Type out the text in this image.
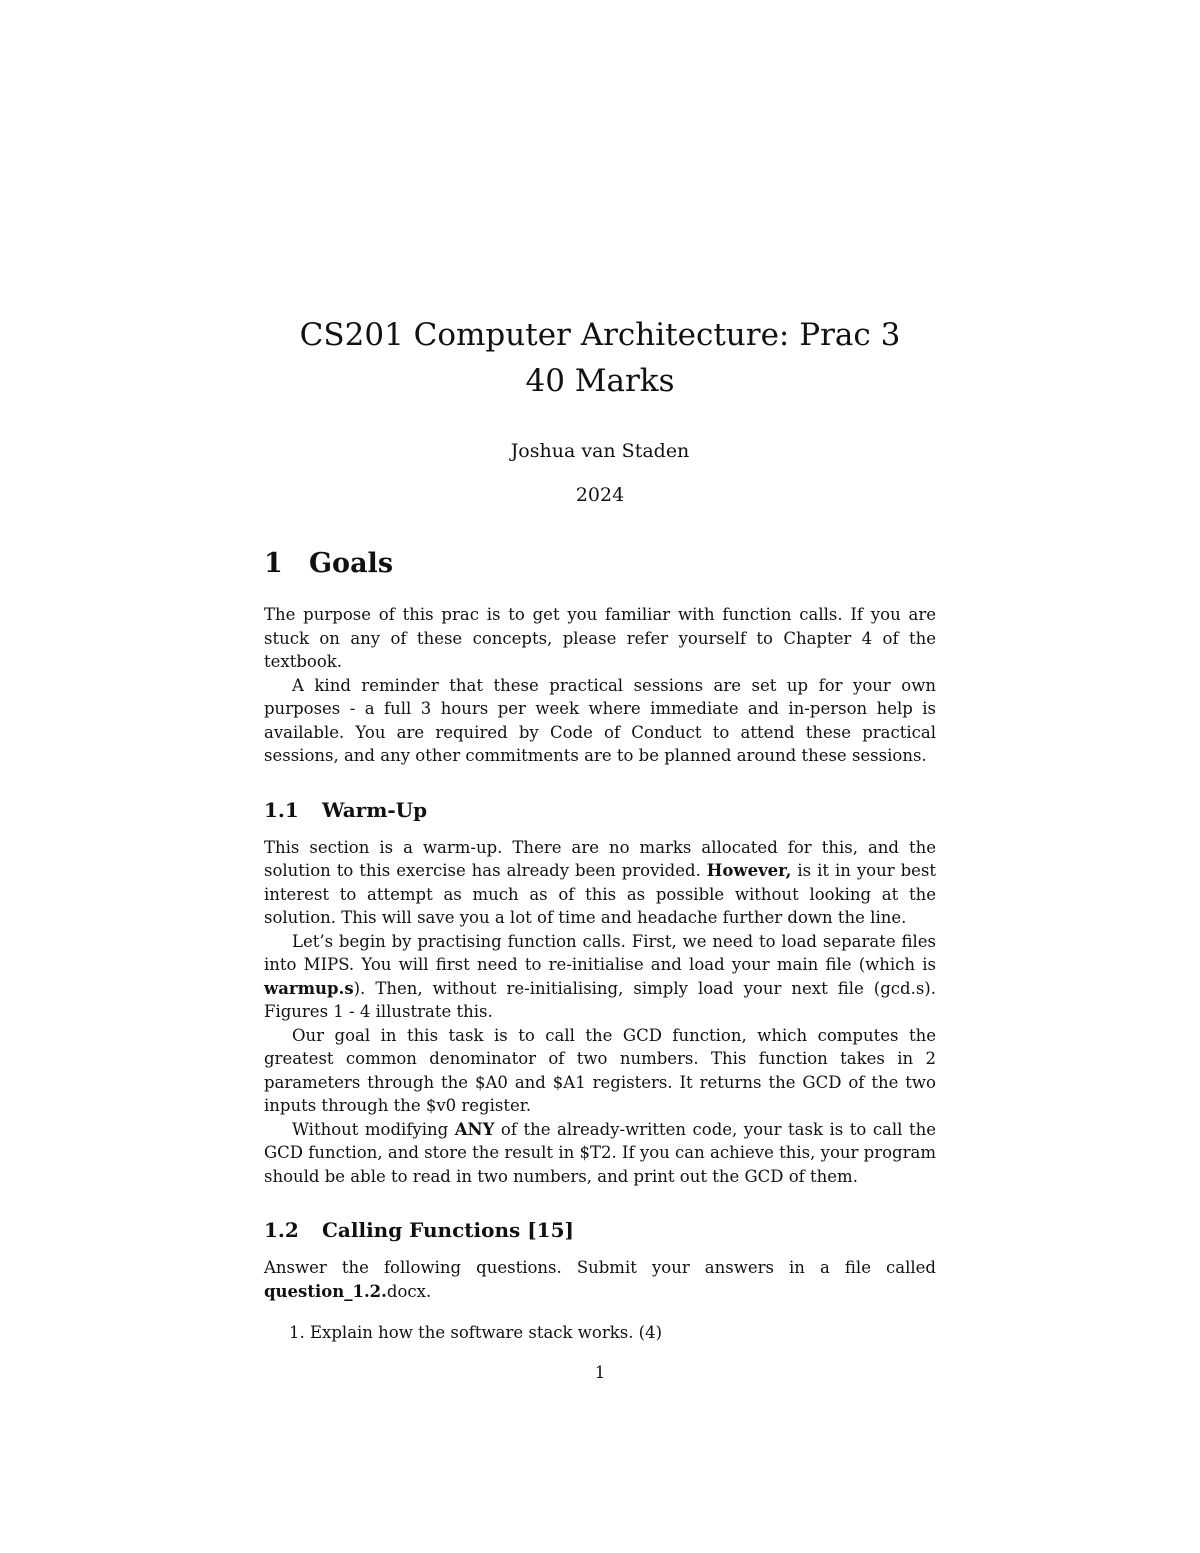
CS201 Computer Architecture: Prac 3
40 Marks
Joshua van Staden
2024
1 Goals

The purpose of this prac is to get you familiar with function calls. If you are stuck on any of these concepts, please refer yourself to Chapter 4 of the textbook.

A kind reminder that these practical sessions are set up for your own purposes - a full 3 hours per week where immediate and in-person help is available. You are required by Code of Conduct to attend these practical sessions, and any other commitments are to be planned around these sessions.

1.1	Warm-Up

This section is a warm-up. There are no marks allocated for this, and the solution to this exercise has already been provided. However, is it in your best interest to attempt as much as of this as possible without looking at the solution. This will save you a lot of time and headache further down the line.

Let’s begin by practising function calls. First, we need to load separate files into MIPS. You will first need to re-initialise and load your main file (which is warmup.s). Then, without re-initialising, simply load your next file (gcd.s). Figures 1 - 4 illustrate this.

Our goal in this task is to call the GCD function, which computes the greatest common denominator of two numbers. This function takes in 2 parameters through the $A0 and $A1 registers. It returns the GCD of the two inputs through the $v0 register.

Without modifying ANY of the already-written code, your task is to call the GCD function, and store the result in $T2. If you can achieve this, your program should be able to read in two numbers, and print out the GCD of them.

1.2	Calling Functions [15]

Answer the following questions. Submit your answers in a file called question_1.2.docx.

1. Explain how the software stack works. (4)
1
